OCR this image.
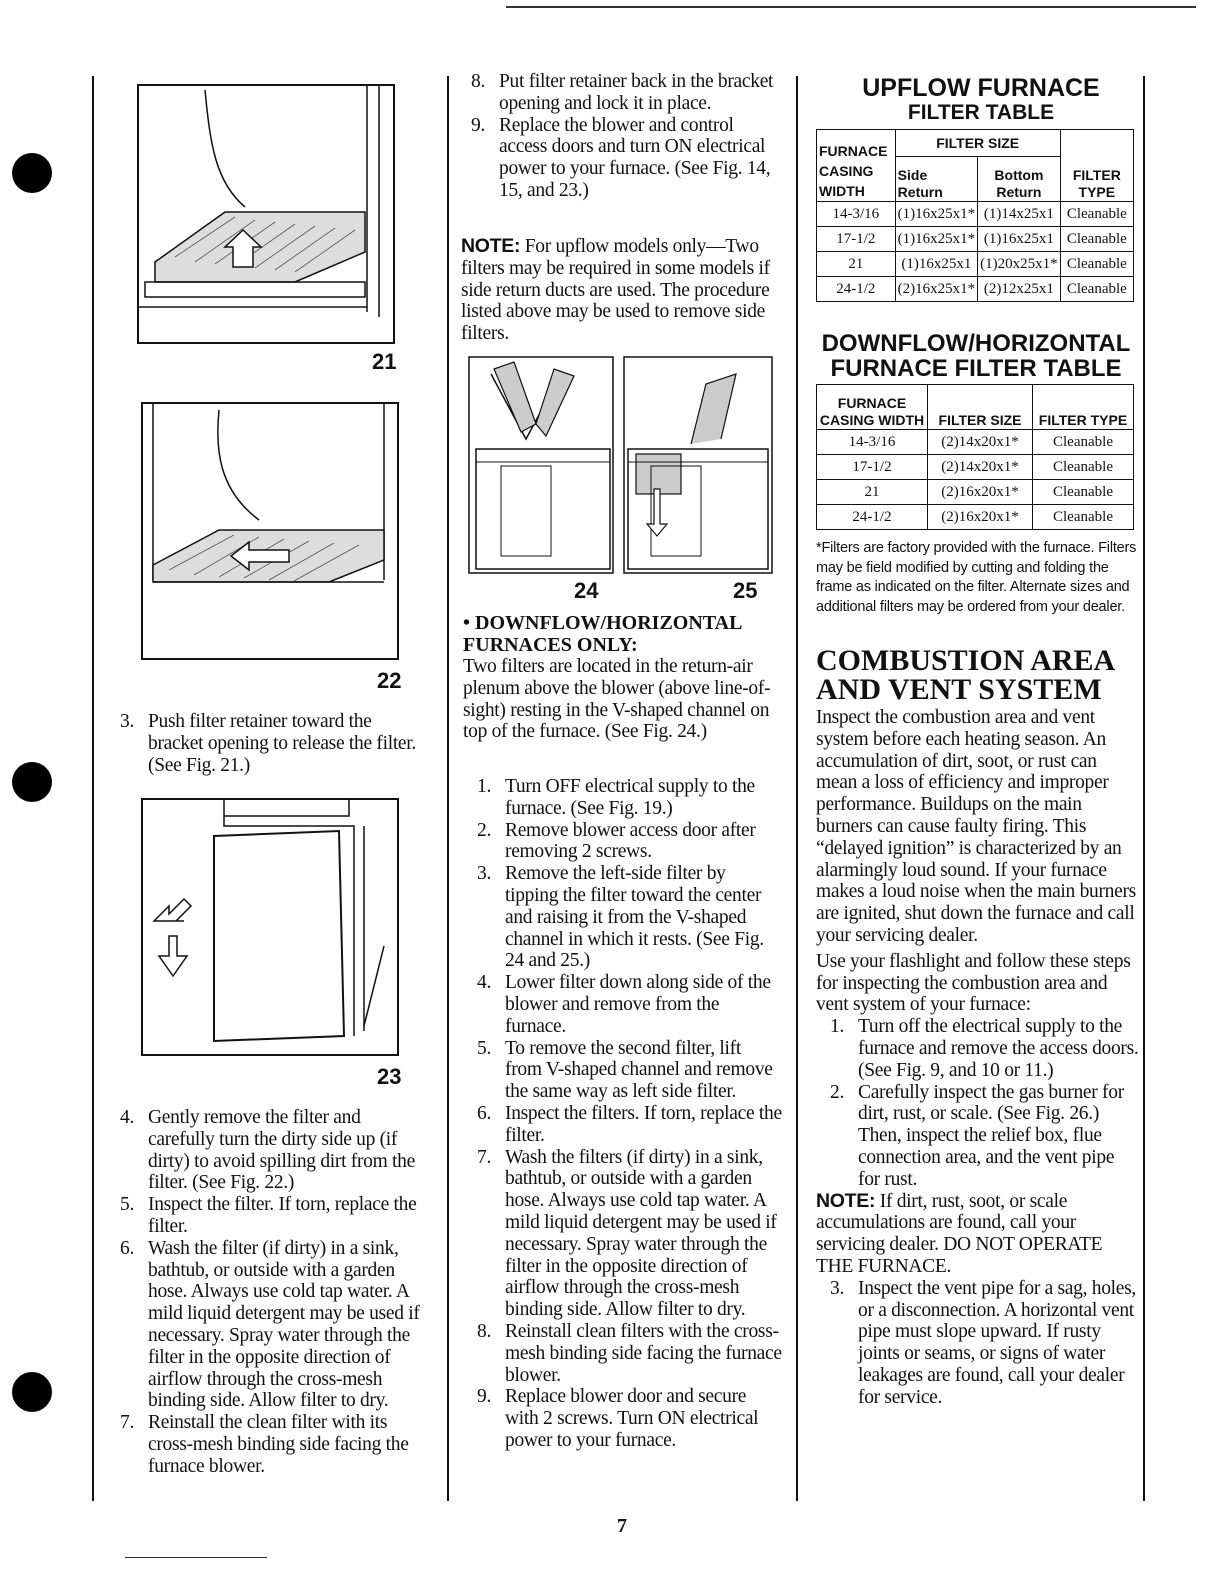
21
22
3. Push filter retainer toward the bracket opening to release the filter. (See Fig. 21.)
23
4. Gently remove the filter and carefully turn the dirty side up (if dirty) to avoid spilling dirt from the filter. (See Fig. 22.)
5. Inspect the filter. If torn, replace the filter.
6. Wash the filter (if dirty) in a sink, bathtub, or outside with a garden hose. Always use cold tap water. A mild liquid detergent may be used if necessary. Spray water through the filter in the opposite direction of airflow through the cross-mesh binding side. Allow filter to dry.
7. Reinstall the clean filter with its cross-mesh binding side facing the furnace blower.
8. Put filter retainer back in the bracket opening and lock it in place.
9. Replace the blower and control access doors and turn ON electrical power to your furnace. (See Fig. 14, 15, and 23.)
NOTE: For upflow models only—Two filters may be required in some models if side return ducts are used. The procedure listed above may be used to remove side filters.
24	25
• DOWNFLOW/HORIZONTAL FURNACES ONLY:
Two filters are located in the return-air plenum above the blower (above line-of-sight) resting in the V-shaped channel on top of the furnace. (See Fig. 24.)
1. Turn OFF electrical supply to the furnace. (See Fig. 19.)
2. Remove blower access door after removing 2 screws.
3. Remove the left-side filter by tipping the filter toward the center and raising it from the V-shaped channel in which it rests. (See Fig. 24 and 25.)
4. Lower filter down along side of the blower and remove from the furnace.
5. To remove the second filter, lift from V-shaped channel and remove the same way as left side filter.
6. Inspect the filters. If torn, replace the filter.
7. Wash the filters (if dirty) in a sink, bathtub, or outside with a garden hose. Always use cold tap water. A mild liquid detergent may be used if necessary. Spray water through the filter in the opposite direction of airflow through the cross-mesh binding side. Allow filter to dry.
8. Reinstall clean filters with the cross-mesh binding side facing the furnace blower.
9. Replace blower door and secure with 2 screws. Turn ON electrical power to your furnace.
UPFLOW FURNACE
FILTER TABLE
FURNACE CASING WIDTH	FILTER SIZE		FILTER TYPE
	Side Return	Bottom Return	
14-3/16	(1)16x25x1*	(1)14x25x1	Cleanable
17-1/2	(1)16x25x1*	(1)16x25x1	Cleanable
21	(1)16x25x1	(1)20x25x1*	Cleanable
24-1/2	(2)16x25x1*	(2)12x25x1	Cleanable
DOWNFLOW/HORIZONTAL
FURNACE FILTER TABLE
FURNACE
CASING WIDTH	FILTER SIZE	FILTER TYPE
14-3/16	(2)14x20x1*	Cleanable
17-1/2	(2)14x20x1*	Cleanable
21	(2)16x20x1*	Cleanable
24-1/2	(2)16x20x1*	Cleanable
*Filters are factory provided with the furnace. Filters may be field modified by cutting and folding the frame as indicated on the filter. Alternate sizes and additional filters may be ordered from your dealer.
COMBUSTION AREA AND VENT SYSTEM
Inspect the combustion area and vent system before each heating season. An accumulation of dirt, soot, or rust can mean a loss of efficiency and improper performance. Buildups on the main burners can cause faulty firing. This “delayed ignition” is characterized by an alarmingly loud sound. If your furnace makes a loud noise when the main burners are ignited, shut down the furnace and call your servicing dealer.
Use your flashlight and follow these steps for inspecting the combustion area and vent system of your furnace:
1. Turn off the electrical supply to the furnace and remove the access doors. (See Fig. 9, and 10 or 11.)
2. Carefully inspect the gas burner for dirt, rust, or scale. (See Fig. 26.) Then, inspect the relief box, flue connection area, and the vent pipe for rust.
NOTE: If dirt, rust, soot, or scale accumulations are found, call your servicing dealer. DO NOT OPERATE THE FURNACE.
3. Inspect the vent pipe for a sag, holes, or a disconnection. A horizontal vent pipe must slope upward. If rusty joints or seams, or signs of water leakages are found, call your dealer for service.
7
